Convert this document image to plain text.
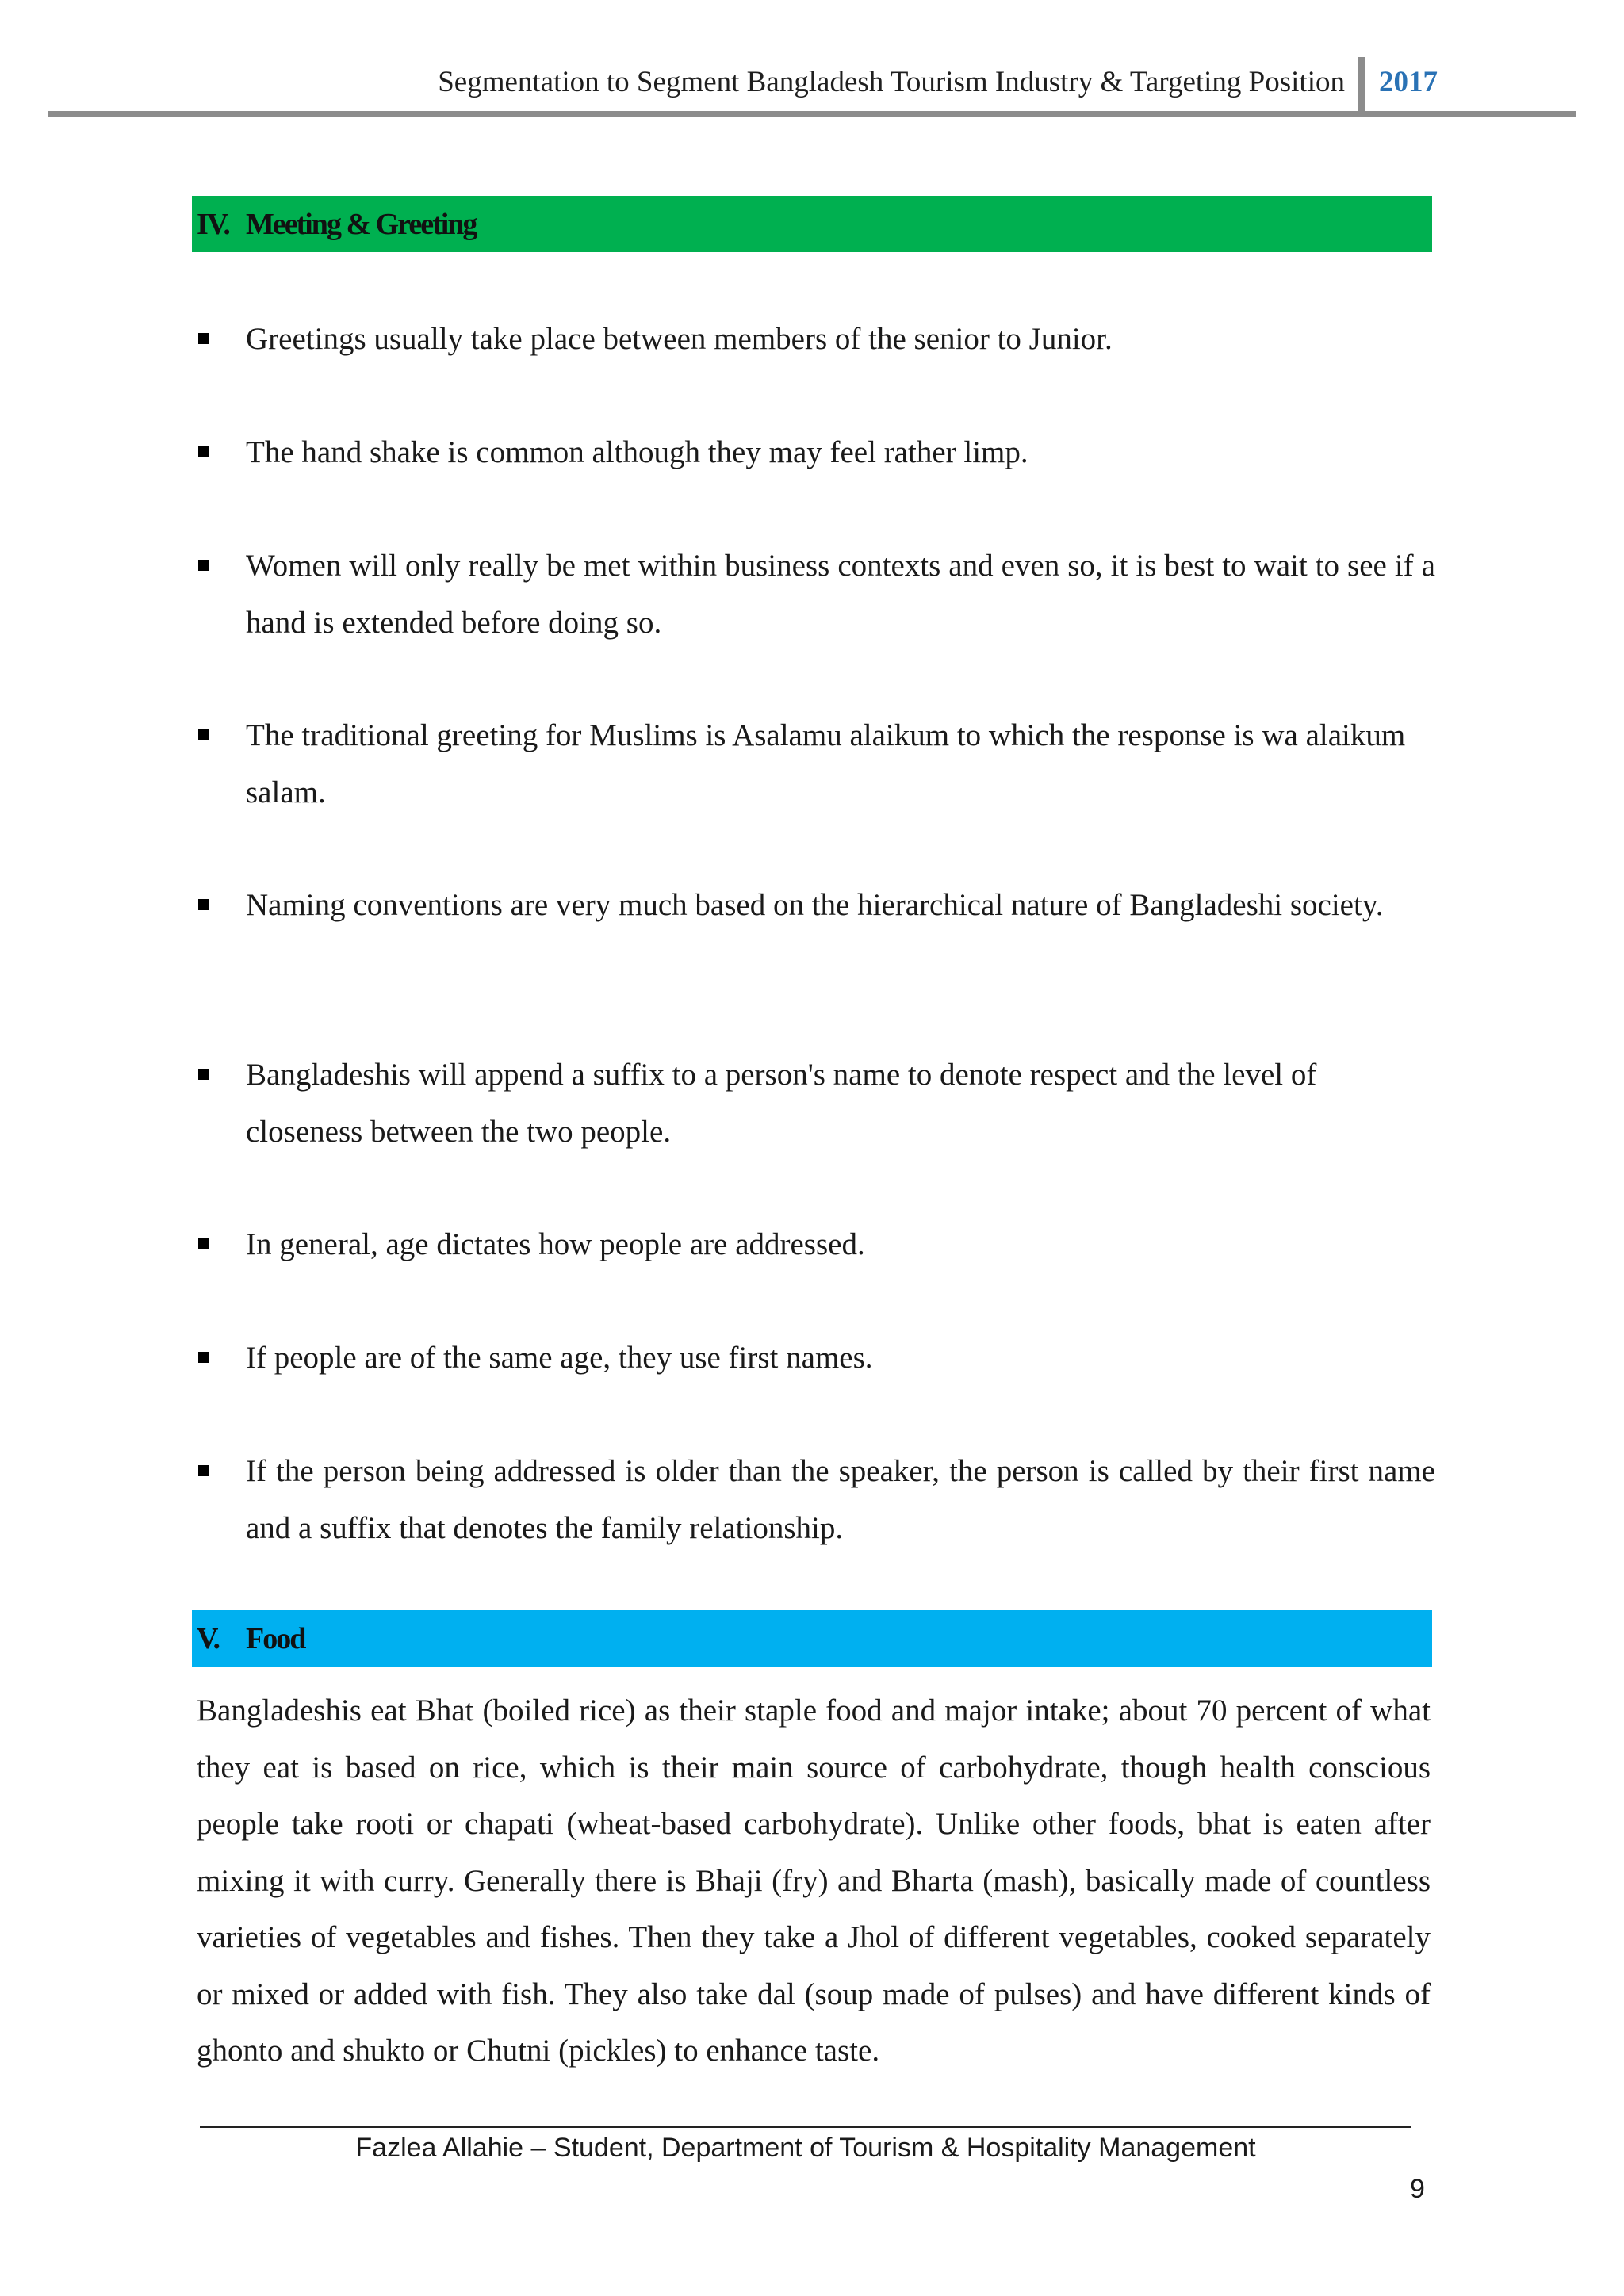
Segmentation to Segment Bangladesh Tourism Industry & Targeting Position 2017
IV. Meeting & Greeting
Greetings usually take place between members of the senior to Junior.
The hand shake is common although they may feel rather limp.
Women will only really be met within business contexts and even so, it is best to wait to see if a hand is extended before doing so.
The traditional greeting for Muslims is Asalamu alaikum to which the response is wa alaikum salam.
Naming conventions are very much based on the hierarchical nature of Bangladeshi society.
Bangladeshis will append a suffix to a person's name to denote respect and the level of closeness between the two people.
In general, age dictates how people are addressed.
If people are of the same age, they use first names.
If the person being addressed is older than the speaker, the person is called by their first name and a suffix that denotes the family relationship.
V. Food

Bangladeshis eat Bhat (boiled rice) as their staple food and major intake; about 70 percent of what they eat is based on rice, which is their main source of carbohydrate, though health conscious people take rooti or chapati (wheat-based carbohydrate). Unlike other foods, bhat is eaten after mixing it with curry. Generally there is Bhaji (fry) and Bharta (mash), basically made of countless varieties of vegetables and fishes. Then they take a Jhol of different vegetables, cooked separately or mixed or added with fish. They also take dal (soup made of pulses) and have different kinds of ghonto and shukto or Chutni (pickles) to enhance taste.

Fazlea Allahie – Student, Department of Tourism & Hospitality Management
9
